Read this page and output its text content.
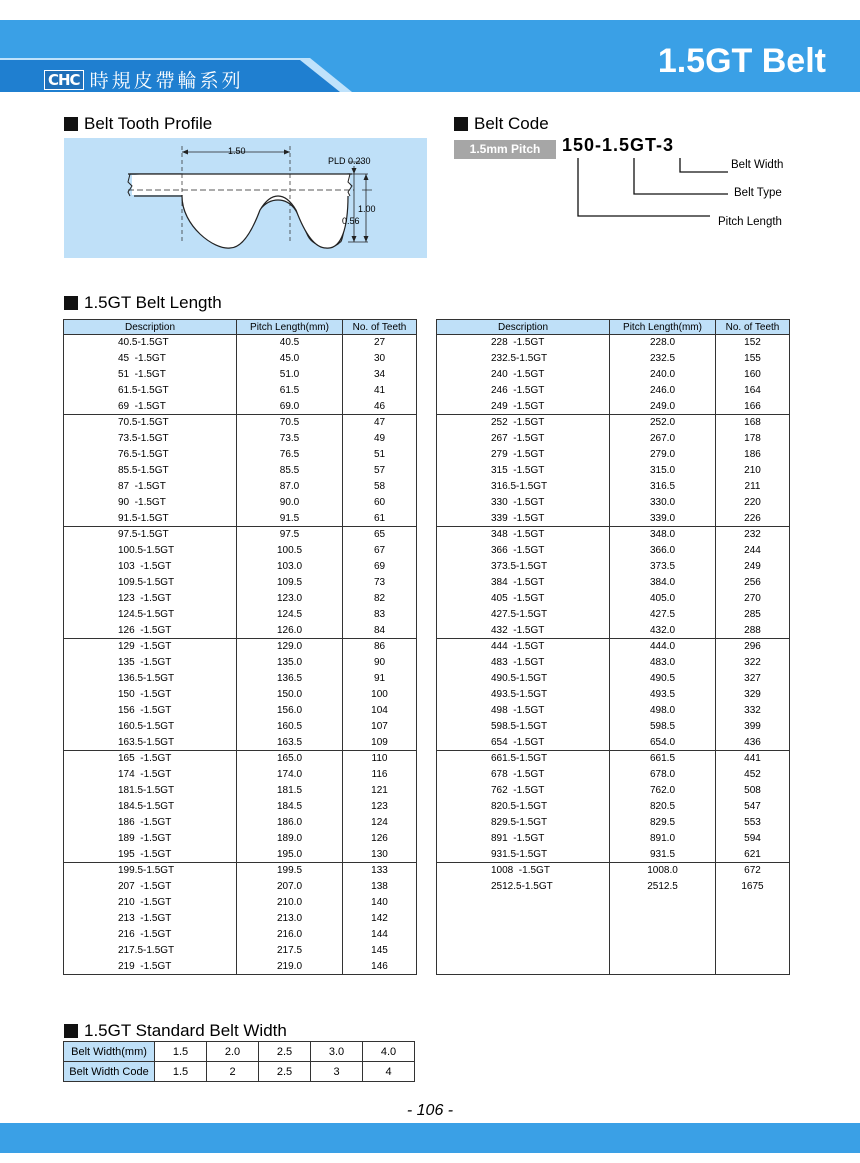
CHC 時規皮帶輪系列
1.5GT Belt
Belt Tooth Profile
1.50
PLD 0.230
1.00
0.56
Belt Code
1.5mm Pitch	150-1.5GT-3
Belt Width
Belt Type
Pitch Length
1.5GT Belt Length
Description	Pitch Length(mm)	No. of Teeth
40.5-1.5GT	40.5	27
45  -1.5GT	45.0	30
51  -1.5GT	51.0	34
61.5-1.5GT	61.5	41
69  -1.5GT	69.0	46
70.5-1.5GT	70.5	47
73.5-1.5GT	73.5	49
76.5-1.5GT	76.5	51
85.5-1.5GT	85.5	57
87  -1.5GT	87.0	58
90  -1.5GT	90.0	60
91.5-1.5GT	91.5	61
97.5-1.5GT	97.5	65
100.5-1.5GT	100.5	67
103  -1.5GT	103.0	69
109.5-1.5GT	109.5	73
123  -1.5GT	123.0	82
124.5-1.5GT	124.5	83
126  -1.5GT	126.0	84
129  -1.5GT	129.0	86
135  -1.5GT	135.0	90
136.5-1.5GT	136.5	91
150  -1.5GT	150.0	100
156  -1.5GT	156.0	104
160.5-1.5GT	160.5	107
163.5-1.5GT	163.5	109
165  -1.5GT	165.0	110
174  -1.5GT	174.0	116
181.5-1.5GT	181.5	121
184.5-1.5GT	184.5	123
186  -1.5GT	186.0	124
189  -1.5GT	189.0	126
195  -1.5GT	195.0	130
199.5-1.5GT	199.5	133
207  -1.5GT	207.0	138
210  -1.5GT	210.0	140
213  -1.5GT	213.0	142
216  -1.5GT	216.0	144
217.5-1.5GT	217.5	145
219  -1.5GT	219.0	146
Description	Pitch Length(mm)	No. of Teeth
228  -1.5GT	228.0	152
232.5-1.5GT	232.5	155
240  -1.5GT	240.0	160
246  -1.5GT	246.0	164
249  -1.5GT	249.0	166
252  -1.5GT	252.0	168
267  -1.5GT	267.0	178
279  -1.5GT	279.0	186
315  -1.5GT	315.0	210
316.5-1.5GT	316.5	211
330  -1.5GT	330.0	220
339  -1.5GT	339.0	226
348  -1.5GT	348.0	232
366  -1.5GT	366.0	244
373.5-1.5GT	373.5	249
384  -1.5GT	384.0	256
405  -1.5GT	405.0	270
427.5-1.5GT	427.5	285
432  -1.5GT	432.0	288
444  -1.5GT	444.0	296
483  -1.5GT	483.0	322
490.5-1.5GT	490.5	327
493.5-1.5GT	493.5	329
498  -1.5GT	498.0	332
598.5-1.5GT	598.5	399
654  -1.5GT	654.0	436
661.5-1.5GT	661.5	441
678  -1.5GT	678.0	452
762  -1.5GT	762.0	508
820.5-1.5GT	820.5	547
829.5-1.5GT	829.5	553
891  -1.5GT	891.0	594
931.5-1.5GT	931.5	621
1008  -1.5GT	1008.0	672
2512.5-1.5GT	2512.5	1675

1.5GT Standard Belt Width
Belt Width(mm)	1.5	2.0	2.5	3.0	4.0
Belt Width Code	1.5	2	2.5	3	4
- 106 -
